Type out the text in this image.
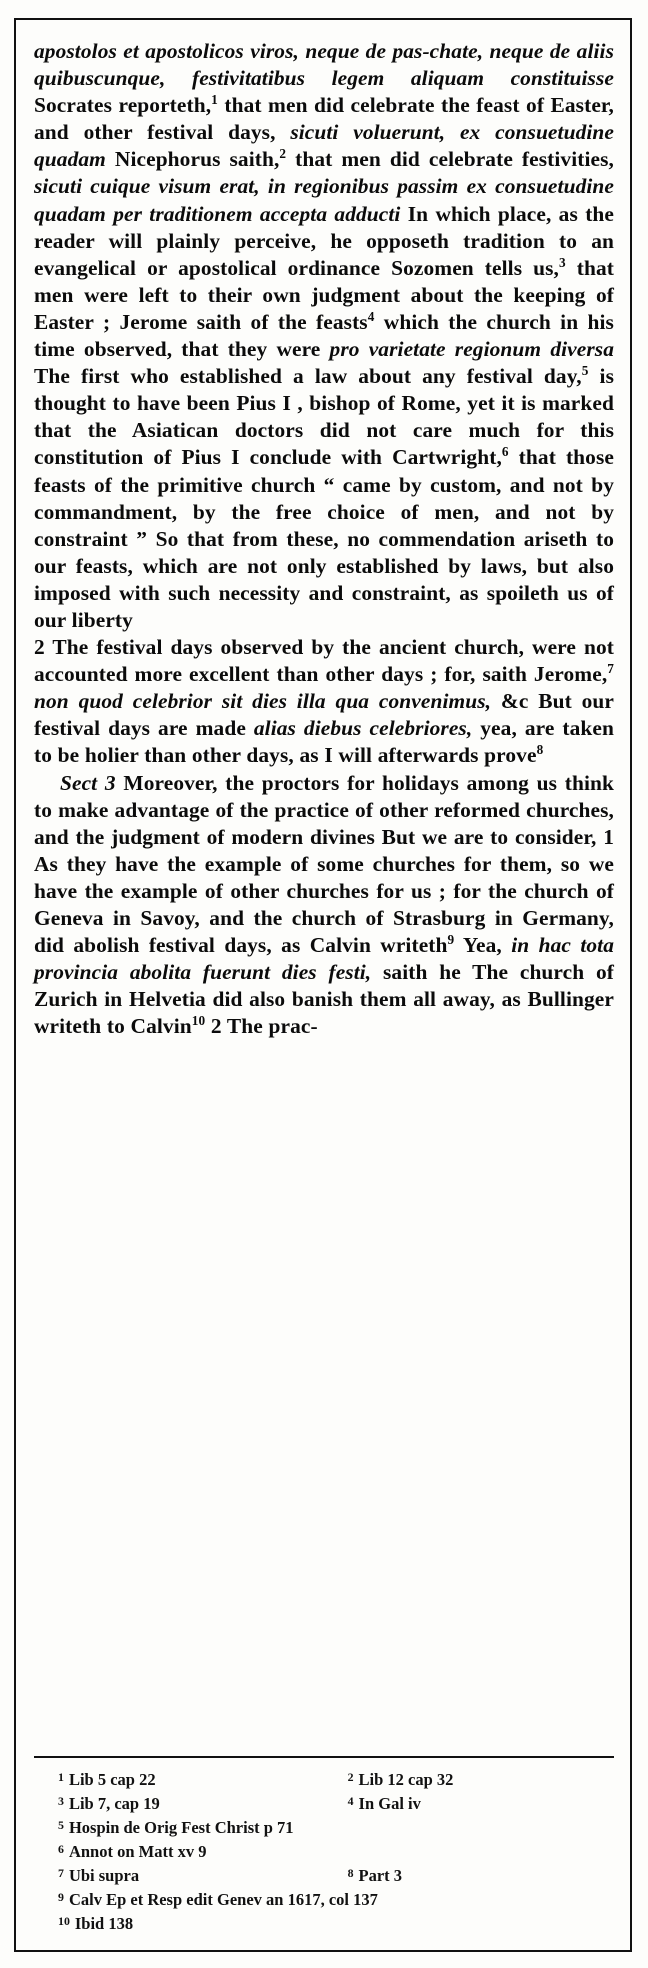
apostolos et apostolicos viros, neque de pas-chate, neque de aliis quibuscunque, festivitatibus legem aliquam constituisse Socrates reporteth,$^1$ that men did celebrate the feast of Easter, and other festival days, sicuti voluerunt, ex consuetudine quadam Nicephorus saith,$^2$ that men did celebrate festivities, sicuti cuique visum erat, in regionibus passim ex consuetudine quadam per traditionem accepta adducti In which place, as the reader will plainly perceive, he opposeth tradition to an evangelical or apostolical ordinance Sozomen tells us,$^3$ that men were left to their own judgment about the keeping of Easter ; Jerome saith of the feasts$^4$ which the church in his time observed, that they were pro varietate regionum diversa The first who established a law about any festival day,$^5$ is thought to have been Pius I , bishop of Rome, yet it is marked that the Asiatican doctors did not care much for this constitution of Pius I conclude with Cartwright,$^6$ that those feasts of the primitive church “ came by custom, and not by commandment, by the free choice of men, and not by constraint ” So that from these, no commendation ariseth to our feasts, which are not only established by laws, but also imposed with such necessity and constraint, as spoileth us of our liberty

2 The festival days observed by the ancient church, were not accounted more excellent than other days ; for, saith Jerome,$^7$ non quod celebrior sit dies illa qua convenimus, &c But our festival days are made alias diebus celebriores, yea, are taken to be holier than other days, as I will afterwards prove$^8$

Sect 3 Moreover, the proctors for holidays among us think to make advantage of the practice of other reformed churches, and the judgment of modern divines But we are to consider, 1 As they have the example of some churches for them, so we have the example of other churches for us ; for the church of Geneva in Savoy, and the church of Strasburg in Germany, did abolish festival days, as Calvin writeth$^9$ Yea, in hac tota provincia abolita fuerunt dies festi, saith he The church of Zurich in Helvetia did also banish them all away, as Bullinger writeth to Calvin$^{10}$ 2 The prac-

1 Lib 5 cap 22	2 Lib 12 cap 32
3 Lib 7, cap 19	4 In Gal iv
5 Hospin de Orig Fest Christ p 71
6 Annot on Matt xv 9
7 Ubi supra	8 Part 3
9 Calv Ep et Resp edit Genev an 1617, col 137
10 Ibid 138
